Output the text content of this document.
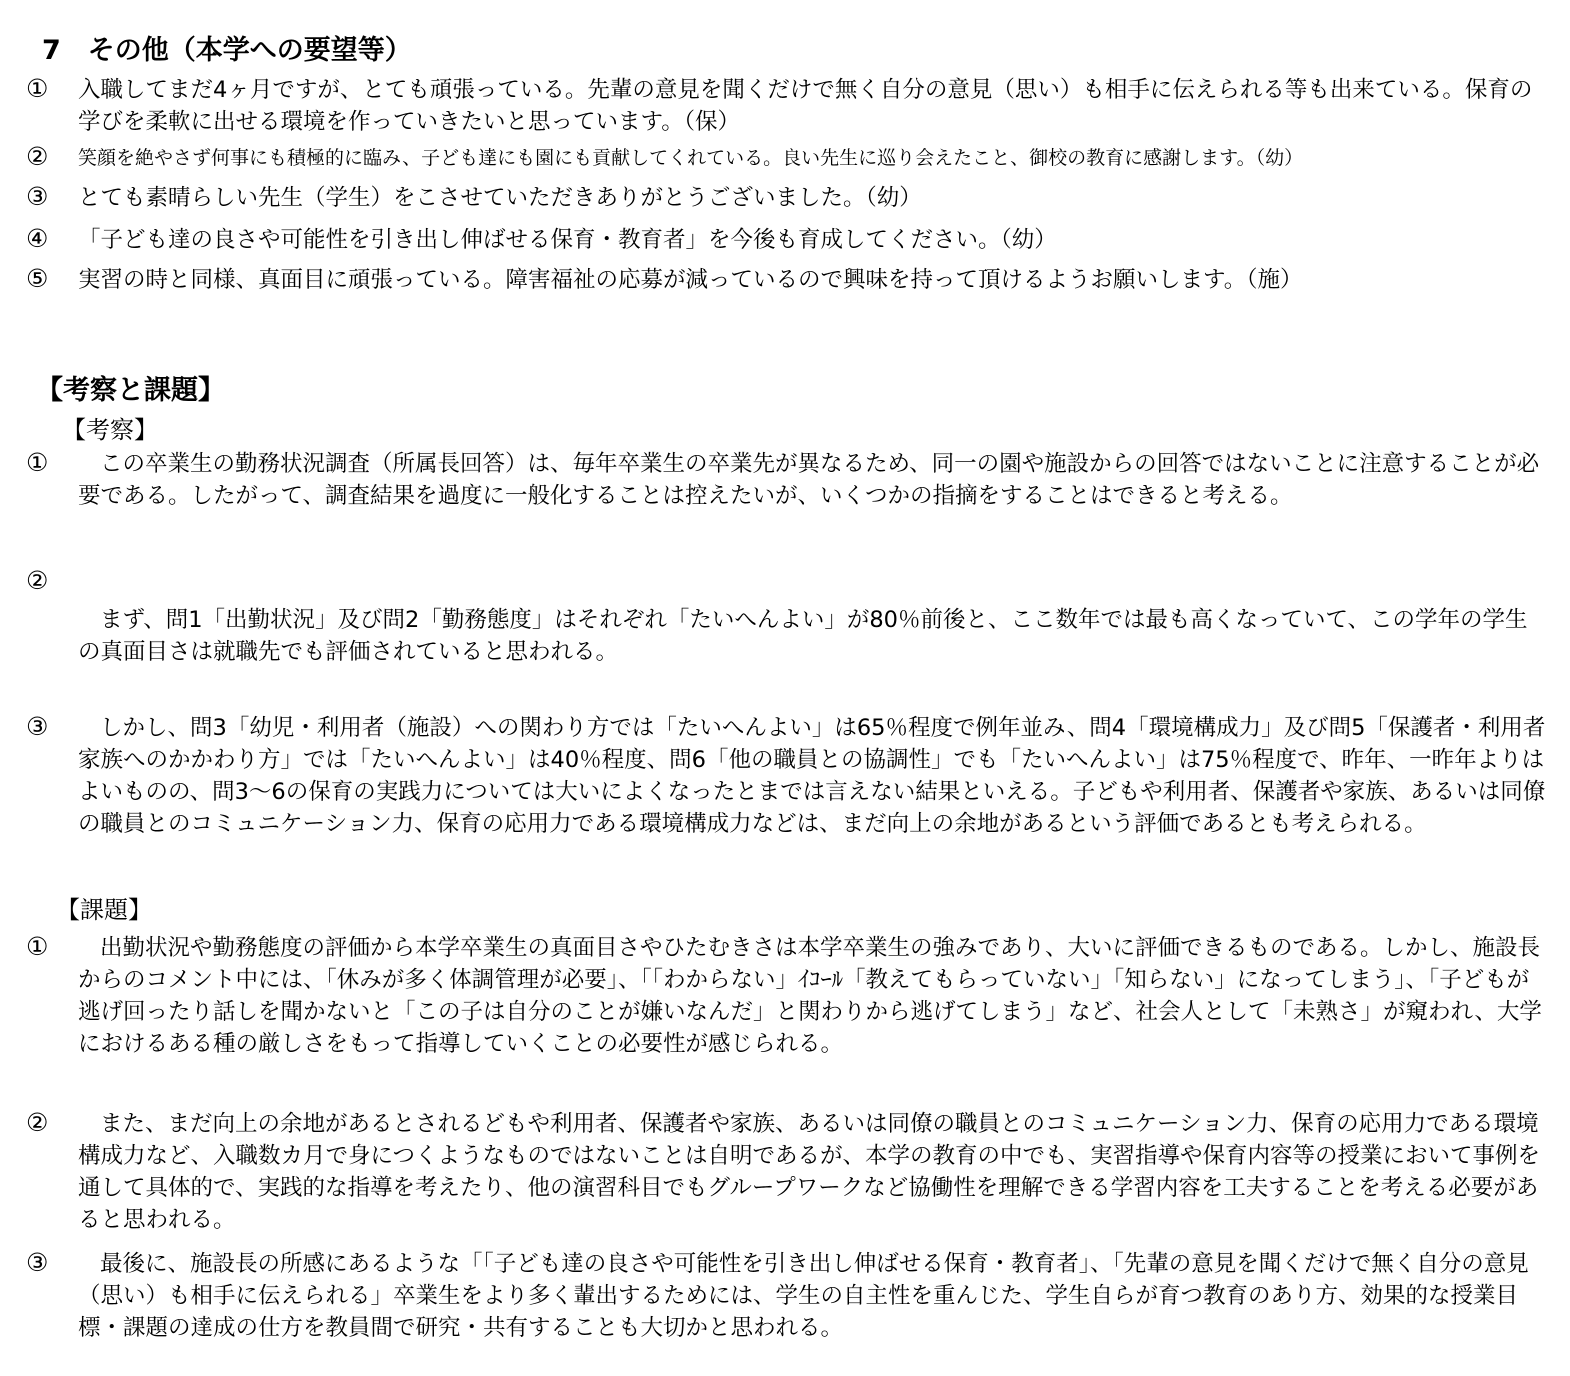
7　その他（本学への要望等）
①	入職してまだ4ヶ月ですが、とても頑張っている。先輩の意見を聞くだけで無く自分の意見（思い）も相手に伝えられる等も出来ている。保育の学びを柔軟に出せる環境を作っていきたいと思っています。（保）
②	笑顔を絶やさず何事にも積極的に臨み、子ども達にも園にも貢献してくれている。良い先生に巡り会えたこと、御校の教育に感謝します。（幼）
③	とても素晴らしい先生（学生）をこさせていただきありがとうございました。（幼）
④	「子ども達の良さや可能性を引き出し伸ばせる保育・教育者」を今後も育成してください。（幼）
⑤	実習の時と同様、真面目に頑張っている。障害福祉の応募が減っているので興味を持って頂けるようお願いします。（施）
【考察と課題】
【考察】
①	この卒業生の勤務状況調査（所属長回答）は、毎年卒業生の卒業先が異なるため、同一の園や施設からの回答ではないことに注意することが必要である。したがって、調査結果を過度に一般化することは控えたいが、いくつかの指摘をすることはできると考える。
②
まず、問1「出勤状況」及び問2「勤務態度」はそれぞれ「たいへんよい」が80％前後と、ここ数年では最も高くなっていて、この学年の学生の真面目さは就職先でも評価されていると思われる。
③	しかし、問3「幼児・利用者（施設）への関わり方では「たいへんよい」は65％程度で例年並み、問4「環境構成力」及び問5「保護者・利用者家族へのかかわり方」では「たいへんよい」は40％程度、問6「他の職員との協調性」でも「たいへんよい」は75％程度で、昨年、一昨年よりはよいものの、問3～6の保育の実践力については大いによくなったとまでは言えない結果といえる。子どもや利用者、保護者や家族、あるいは同僚の職員とのコミュニケーション力、保育の応用力である環境構成力などは、まだ向上の余地があるという評価であるとも考えられる。
【課題】
①	出勤状況や勤務態度の評価から本学卒業生の真面目さやひたむきさは本学卒業生の強みであり、大いに評価できるものである。しかし、施設長からのコメント中には、「休みが多く体調管理が必要」、「「わからない」ｲｺｰﾙ「教えてもらっていない」「知らない」になってしまう」、「子どもが逃げ回ったり話しを聞かないと「この子は自分のことが嫌いなんだ」と関わりから逃げてしまう」など、社会人として「未熟さ」が窺われ、大学におけるある種の厳しさをもって指導していくことの必要性が感じられる。
②	また、まだ向上の余地があるとされるどもや利用者、保護者や家族、あるいは同僚の職員とのコミュニケーション力、保育の応用力である環境構成力など、入職数カ月で身につくようなものではないことは自明であるが、本学の教育の中でも、実習指導や保育内容等の授業において事例を通して具体的で、実践的な指導を考えたり、他の演習科目でもグループワークなど協働性を理解できる学習内容を工夫することを考える必要があると思われる。
③	最後に、施設長の所感にあるような「「子ども達の良さや可能性を引き出し伸ばせる保育・教育者」、「先輩の意見を聞くだけで無く自分の意見（思い）も相手に伝えられる」卒業生をより多く輩出するためには、学生の自主性を重んじた、学生自らが育つ教育のあり方、効果的な授業目標・課題の達成の仕方を教員間で研究・共有することも大切かと思われる。
